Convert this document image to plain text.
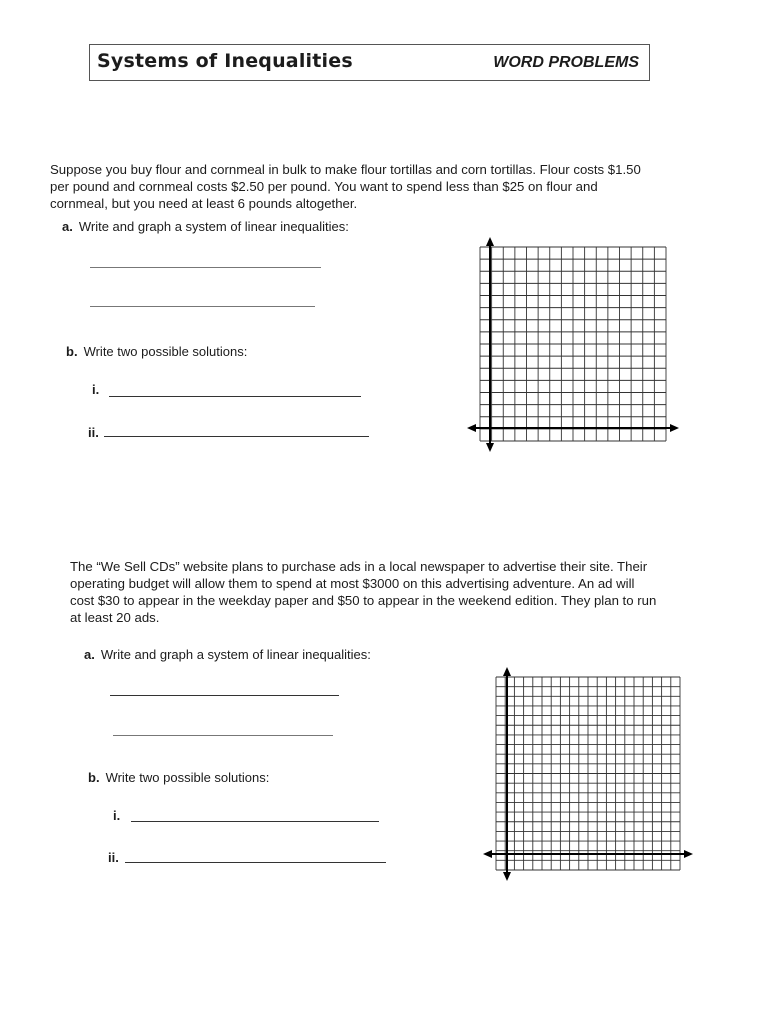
Systems of Inequalities	WORD PROBLEMS

Suppose you buy flour and cornmeal in bulk to make flour tortillas and corn tortillas. Flour costs $1.50 per pound and cornmeal costs $2.50 per pound. You want to spend less than $25 on flour and cornmeal, but you need at least 6 pounds altogether.

a. Write and graph a system of linear inequalities:
b. Write two possible solutions:
i.
ii.

The “We Sell CDs” website plans to purchase ads in a local newspaper to advertise their site. Their operating budget will allow them to spend at most $3000 on this advertising adventure. An ad will cost $30 to appear in the weekday paper and $50 to appear in the weekend edition. They plan to run at least 20 ads.

a. Write and graph a system of linear inequalities:
b. Write two possible solutions:
i.
ii.
